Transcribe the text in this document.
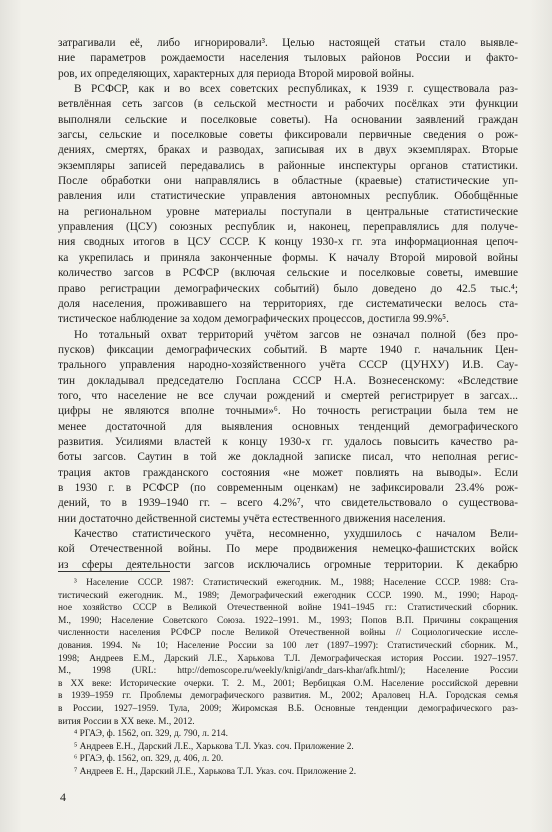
затрагивали её, либо игнорировали³. Целью настоящей статьи стало выявле-
ние параметров рождаемости населения тыловых районов России и факто-
ров, их определяющих, характерных для периода Второй мировой войны.

В РСФСР, как и во всех советских республиках, к 1939 г. существовала раз-
ветвлённая сеть загсов (в сельской местности и рабочих посёлках эти функции
выполняли сельские и поселковые советы). На основании заявлений граждан
загсы, сельские и поселковые советы фиксировали первичные сведения о рож-
дениях, смертях, браках и разводах, записывая их в двух экземплярах. Вторые
экземпляры записей передавались в районные инспектуры органов статистики.
После обработки они направлялись в областные (краевые) статистические уп-
равления или статистические управления автономных республик. Обобщённые
на региональном уровне материалы поступали в центральные статистические
управления (ЦСУ) союзных республик и, наконец, переправлялись для получе-
ния сводных итогов в ЦСУ СССР. К концу 1930-х гг. эта информационная цепоч-
ка укрепилась и приняла законченные формы. К началу Второй мировой войны
количество загсов в РСФСР (включая сельские и поселковые советы, имевшие
право регистрации демографических событий) было доведено до 42.5 тыс.⁴;
доля населения, проживавшего на территориях, где систематически велось ста-
тистическое наблюдение за ходом демографических процессов, достигла 99.9%⁵.

Но тотальный охват территорий учётом загсов не означал полной (без про-
пусков) фиксации демографических событий. В марте 1940 г. начальник Цен-
трального управления народно-хозяйственного учёта СССР (ЦУНХУ) И.В. Сау-
тин докладывал председателю Госплана СССР Н.А. Вознесенскому: «Вследствие
того, что население не все случаи рождений и смертей регистрирует в загсах...
цифры не являются вполне точными»⁶. Но точность регистрации была тем не
менее достаточной для выявления основных тенденций демографического
развития. Усилиями властей к концу 1930-х гг. удалось повысить качество ра-
боты загсов. Саутин в той же докладной записке писал, что неполная регис-
трация актов гражданского состояния «не может повлиять на выводы». Если
в 1930 г. в РСФСР (по современным оценкам) не зафиксировали 23.4% рож-
дений, то в 1939–1940 гг. – всего 4.2%⁷, что свидетельствовало о существова-
нии достаточно действенной системы учёта естественного движения населения.

Качество статистического учёта, несомненно, ухудшилось с началом Вели-
кой Отечественной войны. По мере продвижения немецко-фашистских войск
из сферы деятельности загсов исключались огромные территории. К декабрю

³ Население СССР. 1987: Статистический ежегодник. М., 1988; Население СССР. 1988: Ста-
тистический ежегодник. М., 1989; Демографический ежегодник СССР. 1990. М., 1990; Народ-
ное хозяйство СССР в Великой Отечественной войне 1941–1945 гг.: Статистический сборник.
М., 1990; Население Советского Союза. 1922–1991. М., 1993; Попов В.П. Причины сокращения
численности населения РСФСР после Великой Отечественной войны // Социологические иссле-
дования. 1994. № 10; Население России за 100 лет (1897–1997): Статистический сборник. М.,
1998; Андреев Е.М., Дарский Л.Е., Харькова Т.Л. Демографическая история России. 1927–1957.
М., 1998 (URL: http://demoscope.ru/weekly/knigi/andr_dars-khar/afk.html/); Население России
в XX веке: Исторические очерки. Т. 2. М., 2001; Вербицкая О.М. Население российской деревни
в 1939–1959 гг. Проблемы демографического развития. М., 2002; Араловец Н.А. Городская семья
в России, 1927–1959. Тула, 2009; Жиромская В.Б. Основные тенденции демографического раз-
вития России в XX веке. М., 2012.

⁴ РГАЭ, ф. 1562, оп. 329, д. 790, л. 214.

⁵ Андреев Е.Н., Дарский Л.Е., Харькова Т.Л. Указ. соч. Приложение 2.

⁶ РГАЭ, ф. 1562, оп. 329, д. 406, л. 20.

⁷ Андреев Е. Н., Дарский Л.Е., Харькова Т.Л. Указ. соч. Приложение 2.

4
